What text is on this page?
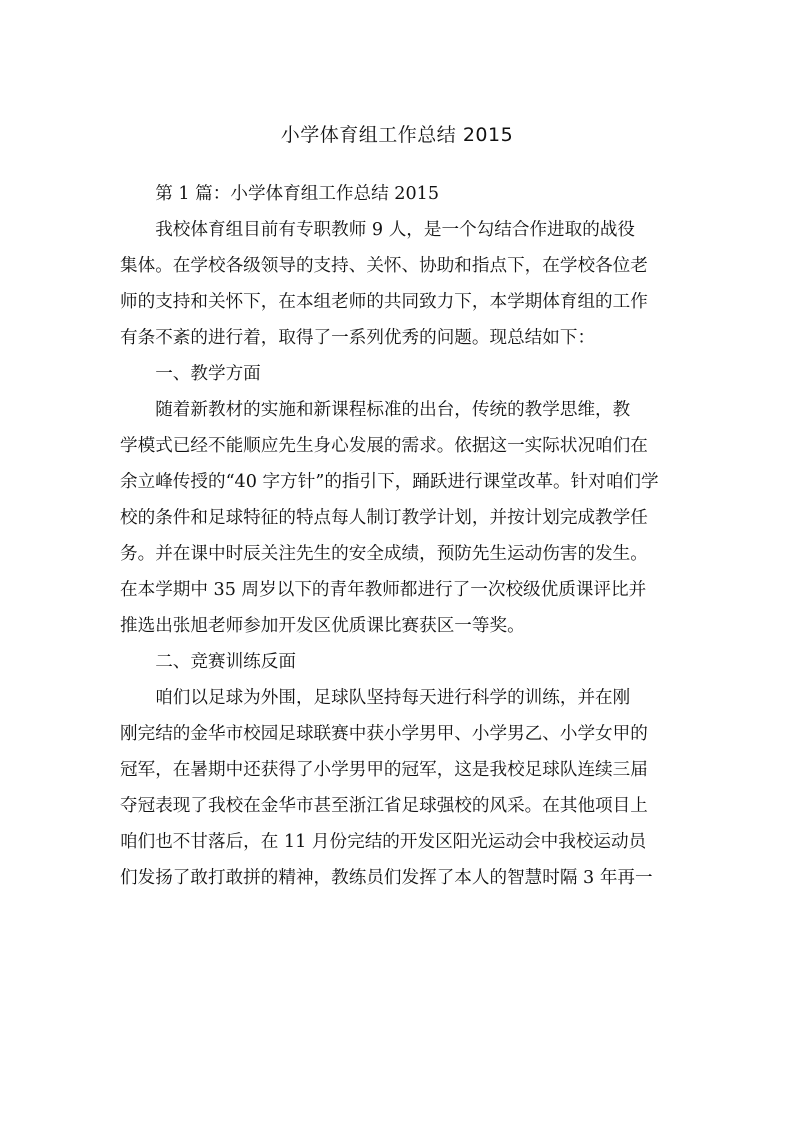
小学体育组工作总结 2015

第 1 篇：小学体育组工作总结 2015

我校体育组目前有专职教师 9 人，是一个勾结合作进取的战役
集体。在学校各级领导的支持、关怀、协助和指点下，在学校各位老
师的支持和关怀下，在本组老师的共同致力下，本学期体育组的工作
有条不紊的进行着，取得了一系列优秀的问题。现总结如下：

一、教学方面

随着新教材的实施和新课程标准的出台，传统的教学思维，教
学模式已经不能顺应先生身心发展的需求。依据这一实际状况咱们在
余立峰传授的“40 字方针”的指引下，踊跃进行课堂改革。针对咱们学
校的条件和足球特征的特点每人制订教学计划，并按计划完成教学任
务。并在课中时辰关注先生的安全成绩，预防先生运动伤害的发生。
在本学期中 35 周岁以下的青年教师都进行了一次校级优质课评比并
推选出张旭老师参加开发区优质课比赛获区一等奖。

二、竞赛训练反面

咱们以足球为外围，足球队坚持每天进行科学的训练，并在刚
刚完结的金华市校园足球联赛中获小学男甲、小学男乙、小学女甲的
冠军，在暑期中还获得了小学男甲的冠军，这是我校足球队连续三届
夺冠表现了我校在金华市甚至浙江省足球强校的风采。在其他项目上
咱们也不甘落后，在 11 月份完结的开发区阳光运动会中我校运动员
们发扬了敢打敢拼的精神，教练员们发挥了本人的智慧时隔 3 年再一
